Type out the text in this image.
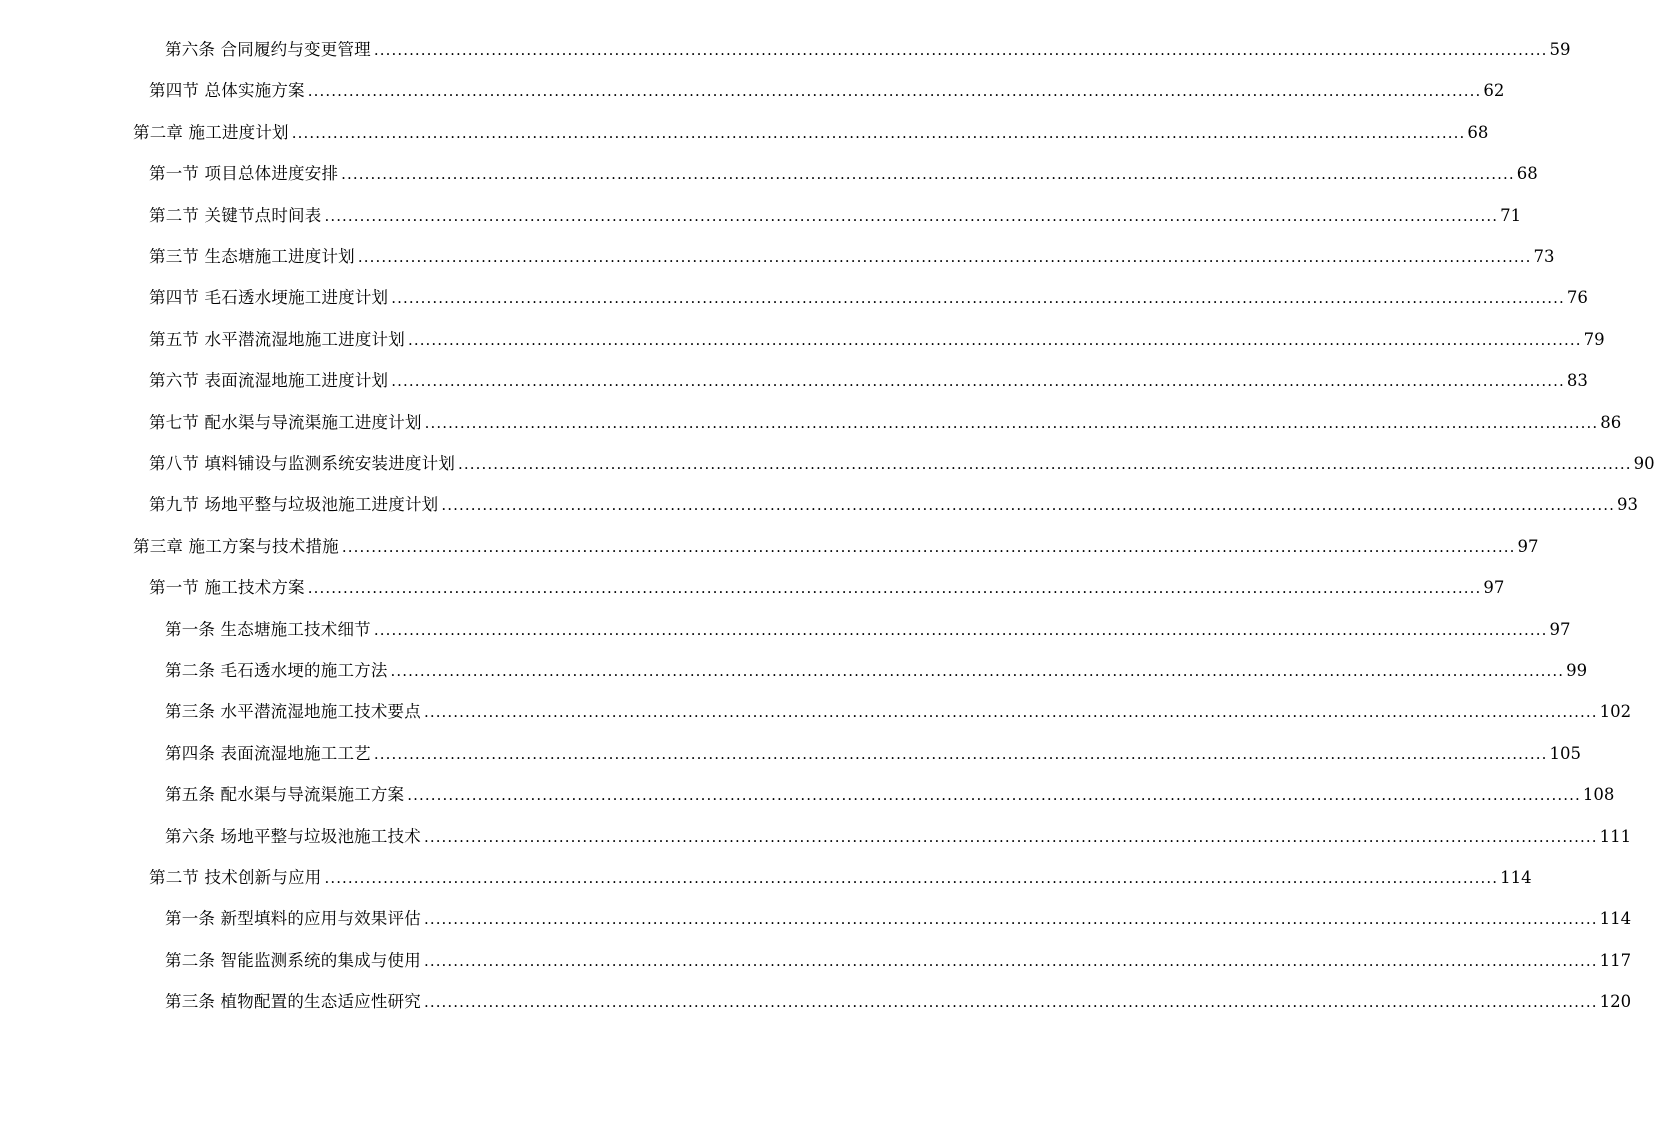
第六条 合同履约与变更管理 ........................................................................................................................................................................................................ 59
第四节 总体实施方案 ........................................................................................................................................................................................................ 62
第二章 施工进度计划 ........................................................................................................................................................................................................ 68
第一节 项目总体进度安排 ........................................................................................................................................................................................................ 68
第二节 关键节点时间表 ........................................................................................................................................................................................................ 71
第三节 生态塘施工进度计划 ........................................................................................................................................................................................................ 73
第四节 毛石透水埂施工进度计划 ........................................................................................................................................................................................................ 76
第五节 水平潜流湿地施工进度计划 ........................................................................................................................................................................................................ 79
第六节 表面流湿地施工进度计划 ........................................................................................................................................................................................................ 83
第七节 配水渠与导流渠施工进度计划 ........................................................................................................................................................................................................ 86
第八节 填料铺设与监测系统安装进度计划 ........................................................................................................................................................................................................ 90
第九节 场地平整与垃圾池施工进度计划 ........................................................................................................................................................................................................ 93
第三章 施工方案与技术措施 ........................................................................................................................................................................................................ 97
第一节 施工技术方案 ........................................................................................................................................................................................................ 97
第一条 生态塘施工技术细节 ........................................................................................................................................................................................................ 97
第二条 毛石透水埂的施工方法 ........................................................................................................................................................................................................ 99
第三条 水平潜流湿地施工技术要点 ........................................................................................................................................................................................................ 102
第四条 表面流湿地施工工艺 ........................................................................................................................................................................................................ 105
第五条 配水渠与导流渠施工方案 ........................................................................................................................................................................................................ 108
第六条 场地平整与垃圾池施工技术 ........................................................................................................................................................................................................ 111
第二节 技术创新与应用 ........................................................................................................................................................................................................ 114
第一条 新型填料的应用与效果评估 ........................................................................................................................................................................................................ 114
第二条 智能监测系统的集成与使用 ........................................................................................................................................................................................................ 117
第三条 植物配置的生态适应性研究 ........................................................................................................................................................................................................ 120
